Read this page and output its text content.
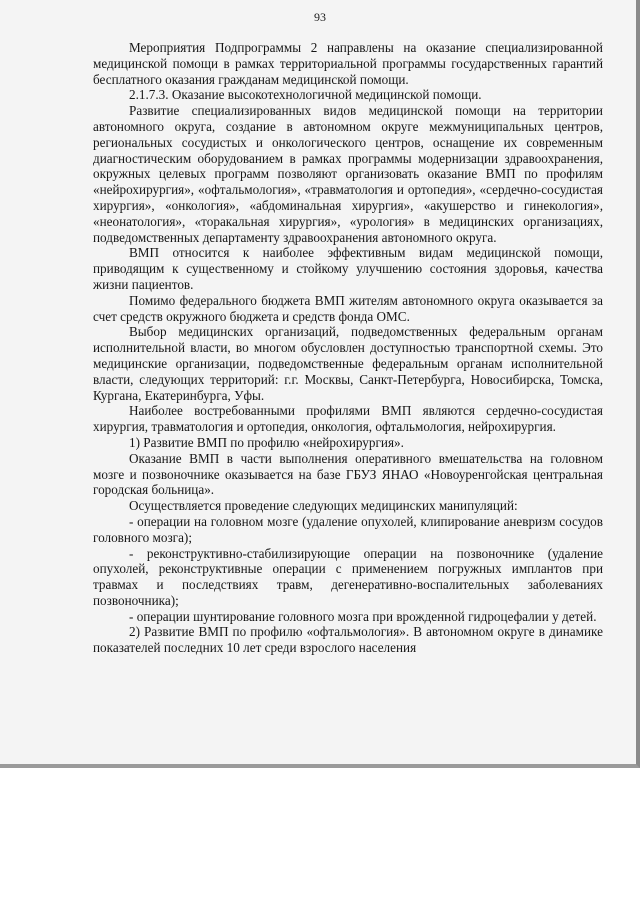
93

Мероприятия Подпрограммы 2 направлены на оказание специализированной медицинской помощи в рамках территориальной программы государственных гарантий бесплатного оказания гражданам медицинской помощи.

2.1.7.3. Оказание высокотехнологичной медицинской помощи.

Развитие специализированных видов медицинской помощи на территории автономного округа, создание в автономном округе межмуниципальных центров, региональных сосудистых и онкологического центров, оснащение их современным диагностическим оборудованием в рамках программы модернизации здравоохранения, окружных целевых программ позволяют организовать оказание ВМП по профилям «нейрохирургия», «офтальмология», «травматология и ортопедия», «сердечно-сосудистая хирургия», «онкология», «абдоминальная хирургия», «акушерство и гинекология», «неонатология», «торакальная хирургия», «урология» в медицинских организациях, подведомственных департаменту здравоохранения автономного округа.

ВМП относится к наиболее эффективным видам медицинской помощи, приводящим к существенному и стойкому улучшению состояния здоровья, качества жизни пациентов.

Помимо федерального бюджета ВМП жителям автономного округа оказывается за счет средств окружного бюджета и средств фонда ОМС.

Выбор медицинских организаций, подведомственных федеральным органам исполнительной власти, во многом обусловлен доступностью транспортной схемы. Это медицинские организации, подведомственные федеральным органам исполнительной власти, следующих территорий: г.г. Москвы, Санкт-Петербурга, Новосибирска, Томска, Кургана, Екатеринбурга, Уфы.

Наиболее востребованными профилями ВМП являются сердечно-сосудистая хирургия, травматология и ортопедия, онкология, офтальмология, нейрохирургия.

1) Развитие ВМП по профилю «нейрохирургия».

Оказание ВМП в части выполнения оперативного вмешательства на головном мозге и позвоночнике оказывается на базе ГБУЗ ЯНАО «Новоуренгойская центральная городская больница».

Осуществляется проведение следующих медицинских манипуляций:

- операции на головном мозге (удаление опухолей, клипирование аневризм сосудов головного мозга);

- реконструктивно-стабилизирующие операции на позвоночнике (удаление опухолей, реконструктивные операции с применением погружных имплантов при травмах и последствиях травм, дегенеративно-воспалительных заболеваниях позвоночника);

- операции шунтирование головного мозга при врожденной гидроцефалии у детей.

2) Развитие ВМП по профилю «офтальмология». В автономном округе в динамике показателей последних 10 лет среди взрослого населения
